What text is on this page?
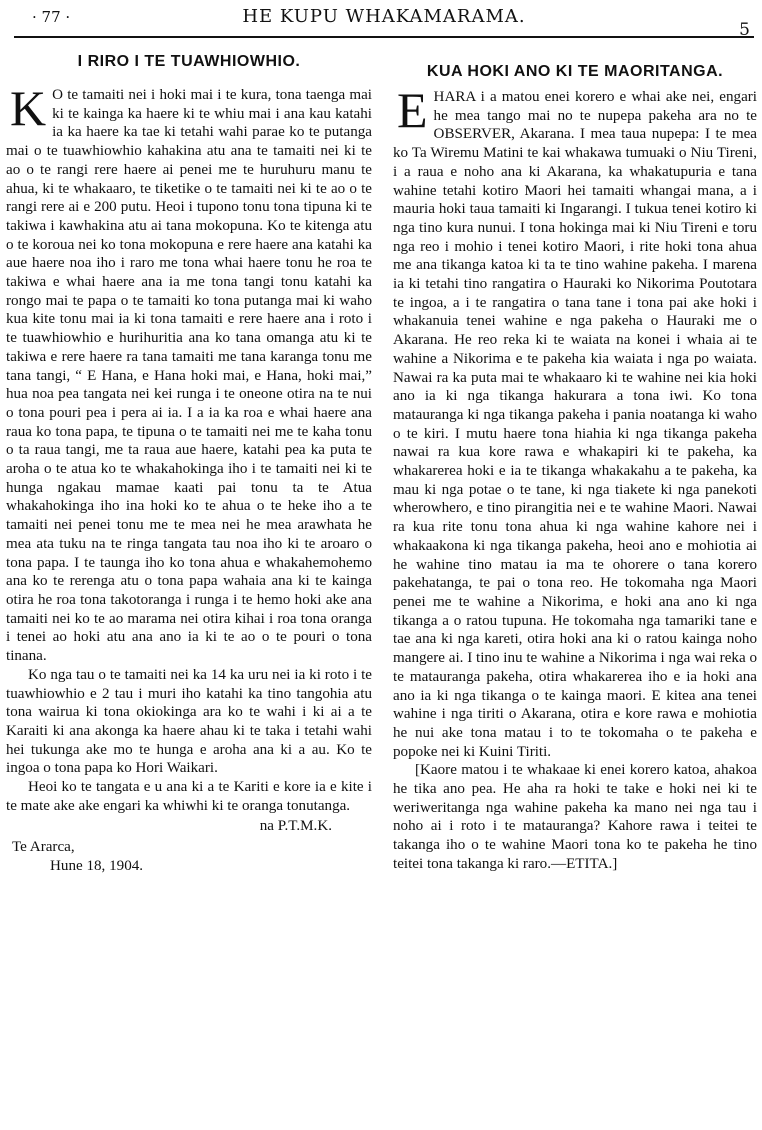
· 77 ·	HE KUPU WHAKAMARAMA.
5
I RIRO I TE TUAWHIOWHIO.

K O te tamaiti nei i hoki mai i te kura, tona taenga mai ki te kainga ka haere ki te whiu mai i ana kau katahi ia ka haere ka tae ki tetahi wahi parae ko te putanga mai o te tuawhiowhio kahakina atu ana te tamaiti nei ki te ao o te rangi rere haere ai penei me te huruhuru manu te ahua, ki te whakaaro, te tiketike o te tamaiti nei ki te ao o te rangi rere ai e 200 putu. Heoi i tupono tonu tona tipuna ki te takiwa i kawhakina atu ai tana mokopuna. Ko te kitenga atu o te koroua nei ko tona mokopuna e rere haere ana katahi ka aue haere noa iho i raro me tona whai haere tonu he roa te takiwa e whai haere ana ia me tona tangi tonu katahi ka rongo mai te papa o te tamaiti ko tona putanga mai ki waho kua kite tonu mai ia ki tona tamaiti e rere haere ana i roto i te tuawhiowhio e hurihuritia ana ko tana omanga atu ki te takiwa e rere haere ra tana tamaiti me tana karanga tonu me tana tangi, “ E Hana, e Hana hoki mai, e Hana, hoki mai,” hua noa pea tangata nei kei runga i te oneone otira na te nui o tona pouri pea i pera ai ia. I a ia ka roa e whai haere ana raua ko tona papa, te tipuna o te tamaiti nei me te kaha tonu o ta raua tangi, me ta raua aue haere, katahi pea ka puta te aroha o te atua ko te whakahokinga iho i te tamaiti nei ki te hunga ngakau mamae kaati pai tonu ta te Atua whakahokinga iho ina hoki ko te ahua o te heke iho a te tamaiti nei penei tonu me te mea nei he mea arawhata he mea ata tuku na te ringa tangata tau noa iho ki te aroaro o tona papa. I te taunga iho ko tona ahua e whakahemohemo ana ko te rerenga atu o tona papa wahaia ana ki te kainga otira he roa tona takotoranga i runga i te hemo hoki ake ana tamaiti nei ko te ao marama nei otira kihai i roa tona oranga i tenei ao hoki atu ana ano ia ki te ao o te pouri o tona tinana.

Ko nga tau o te tamaiti nei ka 14 ka uru nei ia ki roto i te tuawhiowhio e 2 tau i muri iho katahi ka tino tangohia atu tona wairua ki tona okiokinga ara ko te wahi i ki ai a te Karaiti ki ana akonga ka haere ahau ki te taka i tetahi wahi hei tukunga ake mo te hunga e aroha ana ki a au. Ko te ingoa o tona papa ko Hori Waikari.

Heoi ko te tangata e u ana ki a te Kariti e kore ia e kite i te mate ake ake engari ka whiwhi ki te oranga tonutanga.

na P.T.M.K.

Te Ararca,

Hune 18, 1904.

KUA HOKI ANO KI TE MAORITANGA.

EHARA i a matou enei korero e whai ake nei, engari he mea tango mai no te nupepa pakeha ara no te OBSERVER, Akarana. I mea taua nupepa: I te mea ko Ta Wiremu Matini te kai whakawa tumuaki o Niu Tireni, i a raua e noho ana ki Akarana, ka whakatupuria e tana wahine tetahi kotiro Maori hei tamaiti whangai mana, a i mauria hoki taua tamaiti ki Ingarangi. I tukua tenei kotiro ki nga tino kura nunui. I tona hokinga mai ki Niu Tireni e toru nga reo i mohio i tenei kotiro Maori, i rite hoki tona ahua me ana tikanga katoa ki ta te tino wahine pakeha. I marena ia ki tetahi tino rangatira o Hauraki ko Nikorima Poutotara te ingoa, a i te rangatira o tana tane i tona pai ake hoki i whakanuia tenei wahine e nga pakeha o Hauraki me o Akarana. He reo reka ki te waiata na konei i whaia ai te wahine a Nikorima e te pakeha kia waiata i nga po waiata. Nawai ra ka puta mai te whakaaro ki te wahine nei kia hoki ano ia ki nga tikanga hakurara a tona iwi. Ko tona matauranga ki nga tikanga pakeha i pania noatanga ki waho o te kiri. I mutu haere tona hiahia ki nga tikanga pakeha nawai ra kua kore rawa e whakapiri ki te pakeha, ka whakarerea hoki e ia te tikanga whakakahu a te pakeha, ka mau ki nga potae o te tane, ki nga tiakete ki nga panekoti wherowhero, e tino pirangitia nei e te wahine Maori. Nawai ra kua rite tonu tona ahua ki nga wahine kahore nei i whakaakona ki nga tikanga pakeha, heoi ano e mohiotia ai he wahine tino matau ia ma te ohorere o tana korero pakehatanga, te pai o tona reo. He tokomaha nga Maori penei me te wahine a Nikorima, e hoki ana ano ki nga tikanga a o ratou tupuna. He tokomaha nga tamariki tane e tae ana ki nga kareti, otira hoki ana ki o ratou kainga noho mangere ai. I tino inu te wahine a Nikorima i nga wai reka o te matauranga pakeha, otira whakarerea iho e ia hoki ana ano ia ki nga tikanga o te kainga maori. E kitea ana tenei wahine i nga tiriti o Akarana, otira e kore rawa e mohiotia he nui ake tona matau i to te tokomaha o te pakeha e popoke nei ki Kuini Tiriti.

[Kaore matou i te whakaae ki enei korero katoa, ahakoa he tika ano pea. He aha ra hoki te take e hoki nei ki te weriweritanga nga wahine pakeha ka mano nei nga tau i noho ai i roto i te matauranga? Kahore rawa i teitei te takanga iho o te wahine Maori tona ko te pakeha he tino teitei tona takanga ki raro.—ETITA.]
